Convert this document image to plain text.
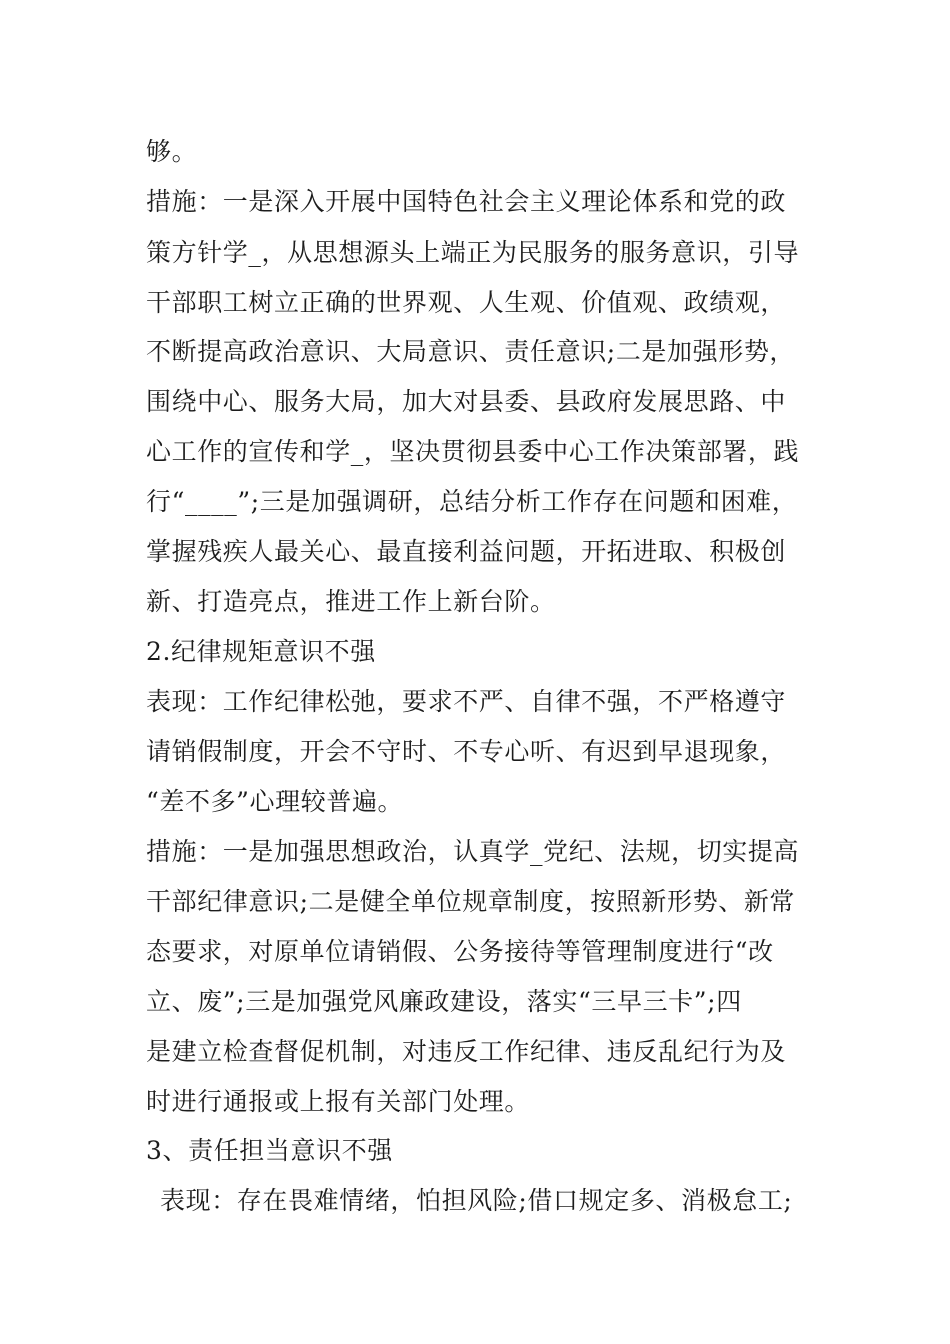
够。
措施：一是深入开展中国特色社会主义理论体系和党的政
策方针学_，从思想源头上端正为民服务的服务意识，引导
干部职工树立正确的世界观、人生观、价值观、政绩观，
不断提高政治意识、大局意识、责任意识;二是加强形势，
围绕中心、服务大局，加大对县委、县政府发展思路、中
心工作的宣传和学_，坚决贯彻县委中心工作决策部署，践
行“____”;三是加强调研，总结分析工作存在问题和困难，
掌握残疾人最关心、最直接利益问题，开拓进取、积极创
新、打造亮点，推进工作上新台阶。
2.纪律规矩意识不强
表现：工作纪律松弛，要求不严、自律不强，不严格遵守
请销假制度，开会不守时、不专心听、有迟到早退现象，
“差不多”心理较普遍。
措施：一是加强思想政治，认真学_党纪、法规，切实提高
干部纪律意识;二是健全单位规章制度，按照新形势、新常
态要求，对原单位请销假、公务接待等管理制度进行“改
立、废”;三是加强党风廉政建设，落实“三早三卡”;四
是建立检查督促机制，对违反工作纪律、违反乱纪行为及
时进行通报或上报有关部门处理。
3、责任担当意识不强
表现：存在畏难情绪，怕担风险;借口规定多、消极怠工;
